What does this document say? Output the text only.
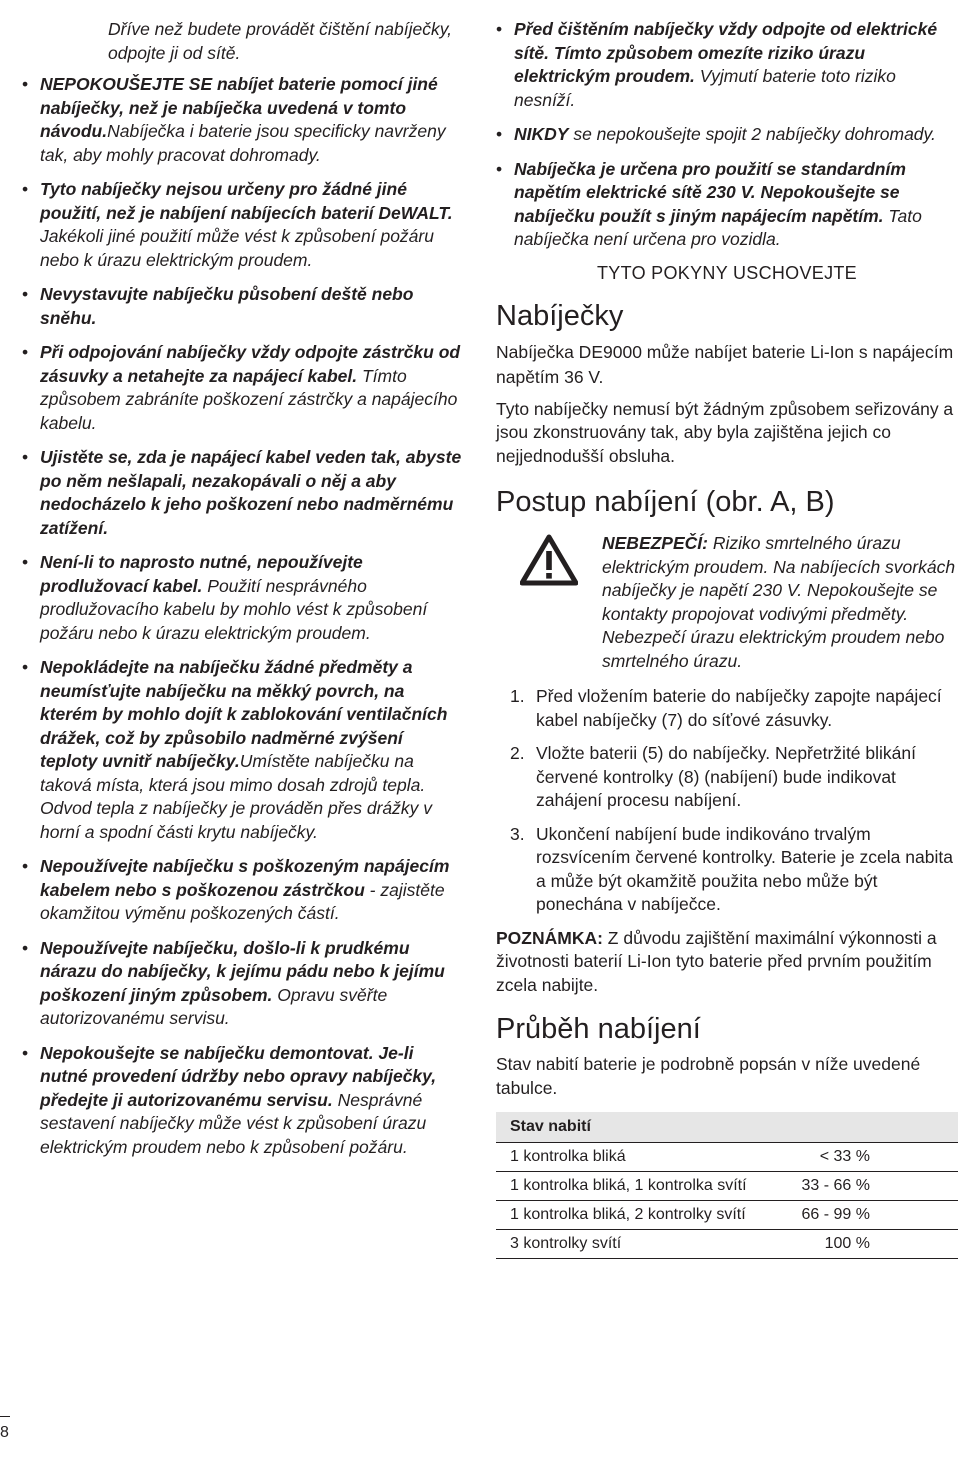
Dříve než budete provádět čištění nabíječky, odpojte ji od sítě.

• NEPOKOUŠEJTE SE nabíjet baterie pomocí jiné nabíječky, než je nabíječka uvedená v tomto návodu.Nabíječka i baterie jsou specificky navrženy tak, aby mohly pracovat dohromady.
• Tyto nabíječky nejsou určeny pro žádné jiné použití, než je nabíjení nabíjecích baterií DeWALT. Jakékoli jiné použití může vést k způsobení požáru nebo k úrazu elektrickým proudem.
• Nevystavujte nabíječku působení deště nebo sněhu.
• Při odpojování nabíječky vždy odpojte zástrčku od zásuvky a netahejte za napájecí kabel. Tímto způsobem zabráníte poškození zástrčky a napájecího kabelu.
• Ujistěte se, zda je napájecí kabel veden tak, abyste po něm nešlapali, nezakopávali o něj a aby nedocházelo k jeho poškození nebo nadměrnému zatížení.
• Není-li to naprosto nutné, nepoužívejte prodlužovací kabel. Použití nesprávného prodlužovacího kabelu by mohlo vést k způsobení požáru nebo k úrazu elektrickým proudem.
• Nepokládejte na nabíječku žádné předměty a neumísťujte nabíječku na měkký povrch, na kterém by mohlo dojít k zablokování ventilačních drážek, což by způsobilo nadměrné zvýšení teploty uvnitř nabíječky.Umístěte nabíječku na taková místa, která jsou mimo dosah zdrojů tepla. Odvod tepla z nabíječky je prováděn přes drážky v horní a spodní části krytu nabíječky.
• Nepoužívejte nabíječku s poškozeným napájecím kabelem nebo s poškozenou zástrčkou - zajistěte okamžitou výměnu poškozených částí.
• Nepoužívejte nabíječku, došlo-li k prudkému nárazu do nabíječky, k jejímu pádu nebo k jejímu poškození jiným způsobem. Opravu svěřte autorizovanému servisu.
• Nepokoušejte se nabíječku demontovat. Je-li nutné provedení údržby nebo opravy nabíječky, předejte ji autorizovanému servisu. Nesprávné sestavení nabíječky může vést k způsobení úrazu elektrickým proudem nebo k způsobení požáru.
• Před čištěním nabíječky vždy odpojte od elektrické sítě. Tímto způsobem omezíte riziko úrazu elektrickým proudem. Vyjmutí baterie toto riziko nesníží.
• NIKDY se nepokoušejte spojit 2 nabíječky dohromady.
• Nabíječka je určena pro použití se standardním napětím elektrické sítě 230 V. Nepokoušejte se nabíječku použít s jiným napájecím napětím. Tato nabíječka není určena pro vozidla.

TYTO POKYNY USCHOVEJTE

Nabíječky

Nabíječka DE9000 může nabíjet baterie Li-Ion s napájecím napětím 36 V.

Tyto nabíječky nemusí být žádným způsobem seřizovány a jsou zkonstruovány tak, aby byla zajištěna jejich co nejjednodušší obsluha.

Postup nabíjení (obr. A, B)

NEBEZPEČÍ: Riziko smrtelného úrazu elektrickým proudem. Na nabíjecích svorkách nabíječky je napětí 230 V. Nepokoušejte se kontakty propojovat vodivými předměty. Nebezpečí úrazu elektrickým proudem nebo smrtelného úrazu.

1. Před vložením baterie do nabíječky zapojte napájecí kabel nabíječky (7) do síťové zásuvky.
2. Vložte baterii (5) do nabíječky. Nepřetržité blikání červené kontrolky (8) (nabíjení) bude indikovat zahájení procesu nabíjení.
3. Ukončení nabíjení bude indikováno trvalým rozsvícením červené kontrolky. Baterie je zcela nabita a může být okamžitě použita nebo může být ponechána v nabíječce.

POZNÁMKA: Z důvodu zajištění maximální výkonnosti a životnosti baterií Li-Ion tyto baterie před prvním použitím zcela nabijte.

Průběh nabíjení

Stav nabití baterie je podrobně popsán v níže uvedené tabulce.

Stav nabití	
1 kontrolka bliká	< 33 %
1 kontrolka bliká, 1 kontrolka svítí	33 - 66 %
1 kontrolka bliká, 2 kontrolky svítí	66 - 99 %
3 kontrolky svítí	100 %
8
